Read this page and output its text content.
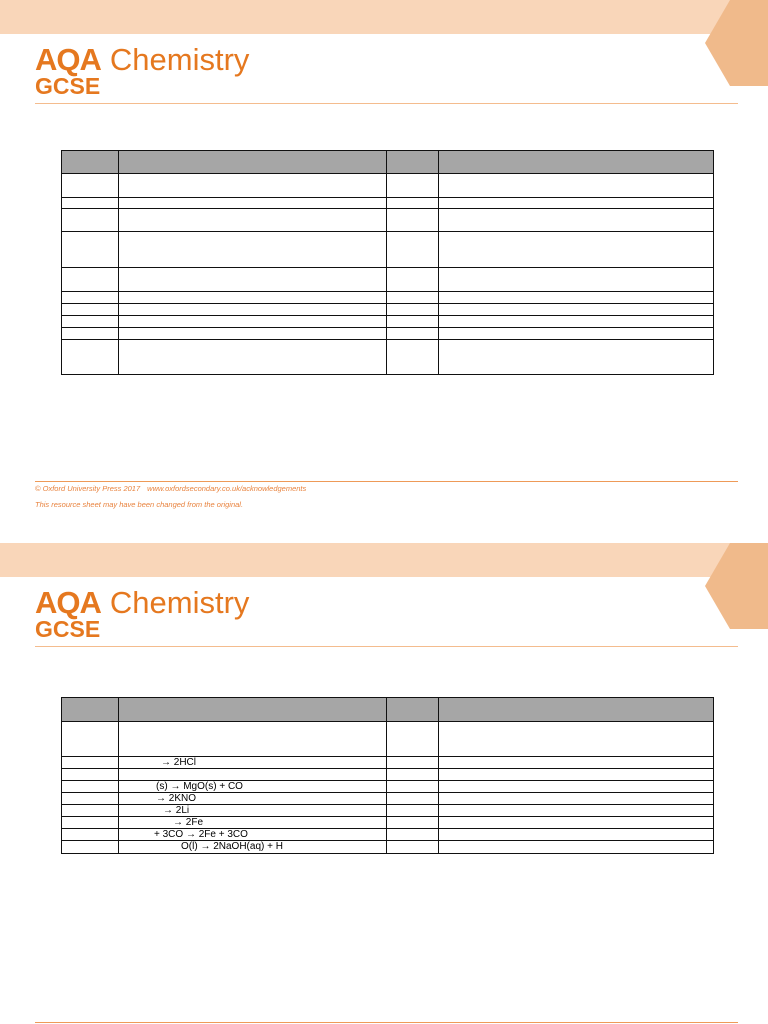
AQA Chemistry
GCSE

© Oxford University Press 2017 www.oxfordsecondary.co.uk/acknowledgements
This resource sheet may have been changed from the original.
AQA Chemistry
GCSE

	→ 2HCl		

	(s) → MgO(s) + CO		
	→ 2KNO		
	→ 2Li		
	→ 2Fe		
	+ 3CO → 2Fe + 3CO		
	O(l) → 2NaOH(aq) + H		
